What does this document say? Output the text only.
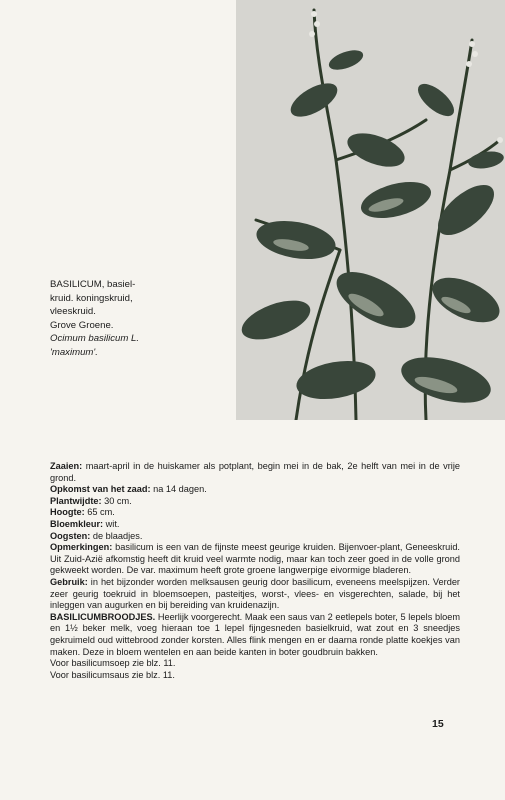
BASILICUM, basiel-
kruid. koningskruid,
vleeskruid.
Grove Groene.
Ocimum basilicum L.
'maximum'.

Zaaien: maart-april in de huiskamer als potplant, begin mei in de bak, 2e helft van mei in de vrije grond.

Opkomst van het zaad: na 14 dagen.

Plantwijdte: 30 cm.

Hoogte: 65 cm.

Bloemkleur: wit.

Oogsten: de blaadjes.

Opmerkingen: basilicum is een van de fijnste meest geurige kruiden. Bijenvoer-plant, Geneeskruid. Uit Zuid-Azië afkomstig heeft dit kruid veel warmte nodig, maar kan toch zeer goed in de volle grond gekweekt worden. De var. maximum heeft grote groene langwerpige eivormige bladeren.

Gebruik: in het bijzonder worden melksausen geurig door basilicum, eveneens meelspijzen. Verder zeer geurig toekruid in bloemsoepen, pasteitjes, worst-, vlees- en visgerechten, salade, bij het inleggen van augurken en bij bereiding van kruidenazijn.

BASILICUMBROODJES. Heerlijk voorgerecht. Maak een saus van 2 eetlepels boter, 5 lepels bloem en 1½ beker melk, voeg hieraan toe 1 lepel fijngesneden basielkruid, wat zout en 3 sneedjes gekruimeld oud wittebrood zonder korsten. Alles flink mengen en er daarna ronde platte koekjes van maken. Deze in bloem wentelen en aan beide kanten in boter goudbruin bakken.

Voor basilicumsoep zie blz. 11.

Voor basilicumsaus zie blz. 11.

15
